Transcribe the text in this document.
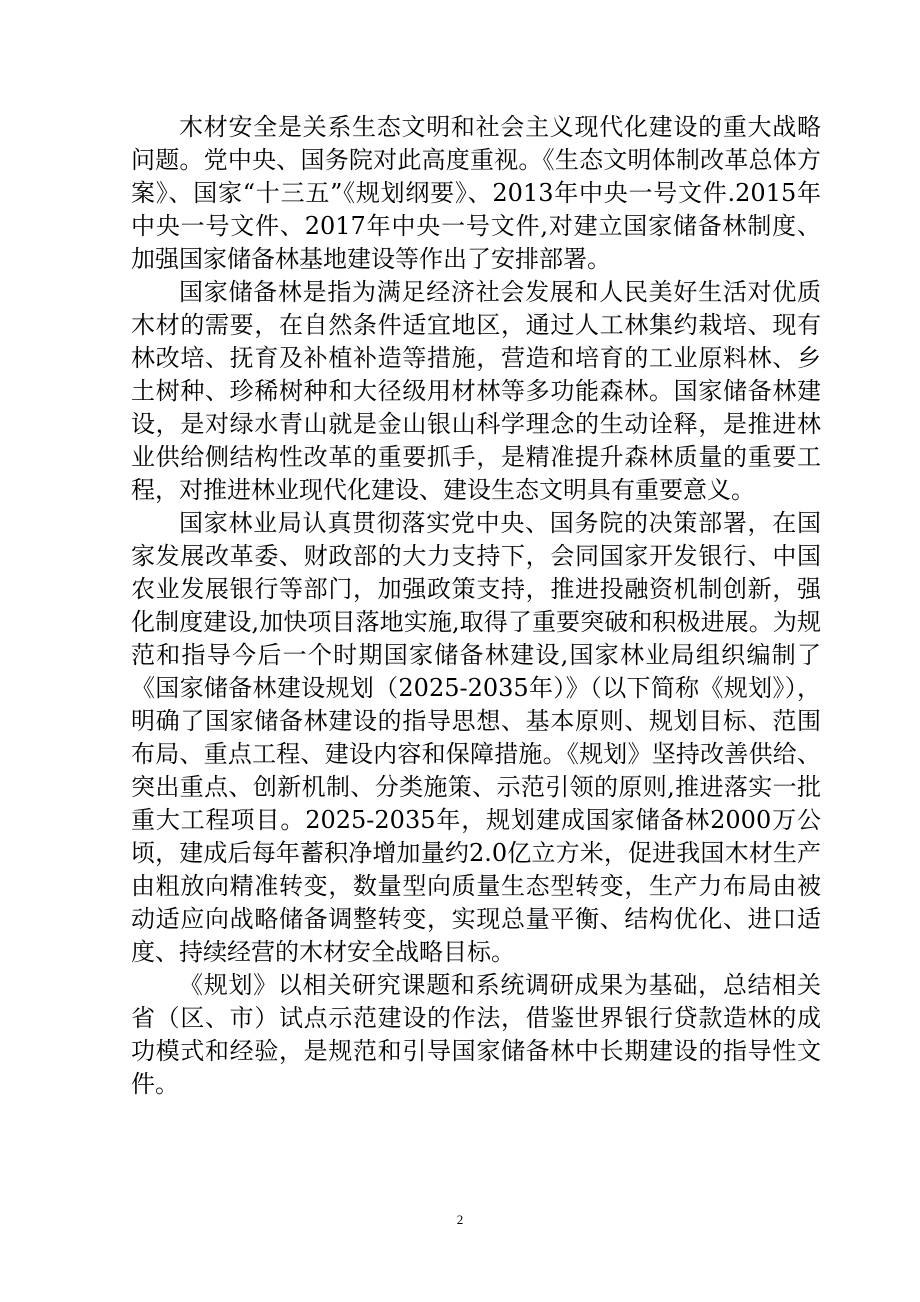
木材安全是关系生态文明和社会主义现代化建设的重大战略问题。党中央、国务院对此高度重视。《生态文明体制改革总体方案》、国家“十三五”《规划纲要》、2013年中央一号文件.2015年中央一号文件、2017年中央一号文件,对建立国家储备林制度、加强国家储备林基地建设等作出了安排部署。

国家储备林是指为满足经济社会发展和人民美好生活对优质木材的需要，在自然条件适宜地区，通过人工林集约栽培、现有林改培、抚育及补植补造等措施，营造和培育的工业原料林、乡土树种、珍稀树种和大径级用材林等多功能森林。国家储备林建设，是对绿水青山就是金山银山科学理念的生动诠释，是推进林业供给侧结构性改革的重要抓手，是精准提升森林质量的重要工程，对推进林业现代化建设、建设生态文明具有重要意义。

国家林业局认真贯彻落实党中央、国务院的决策部署，在国家发展改革委、财政部的大力支持下，会同国家开发银行、中国农业发展银行等部门，加强政策支持，推进投融资机制创新，强化制度建设,加快项目落地实施,取得了重要突破和积极进展。为规范和指导今后一个时期国家储备林建设,国家林业局组织编制了《国家储备林建设规划（2025-2035年）》（以下简称《规划》），明确了国家储备林建设的指导思想、基本原则、规划目标、范围布局、重点工程、建设内容和保障措施。《规划》坚持改善供给、突出重点、创新机制、分类施策、示范引领的原则,推进落实一批重大工程项目。2025-2035年，规划建成国家储备林2000万公顷，建成后每年蓄积净增加量约2.0亿立方米，促进我国木材生产由粗放向精准转变，数量型向质量生态型转变，生产力布局由被动适应向战略储备调整转变，实现总量平衡、结构优化、进口适度、持续经营的木材安全战略目标。

《规划》以相关研究课题和系统调研成果为基础，总结相关省（区、市）试点示范建设的作法，借鉴世界银行贷款造林的成功模式和经验，是规范和引导国家储备林中长期建设的指导性文件。

2
